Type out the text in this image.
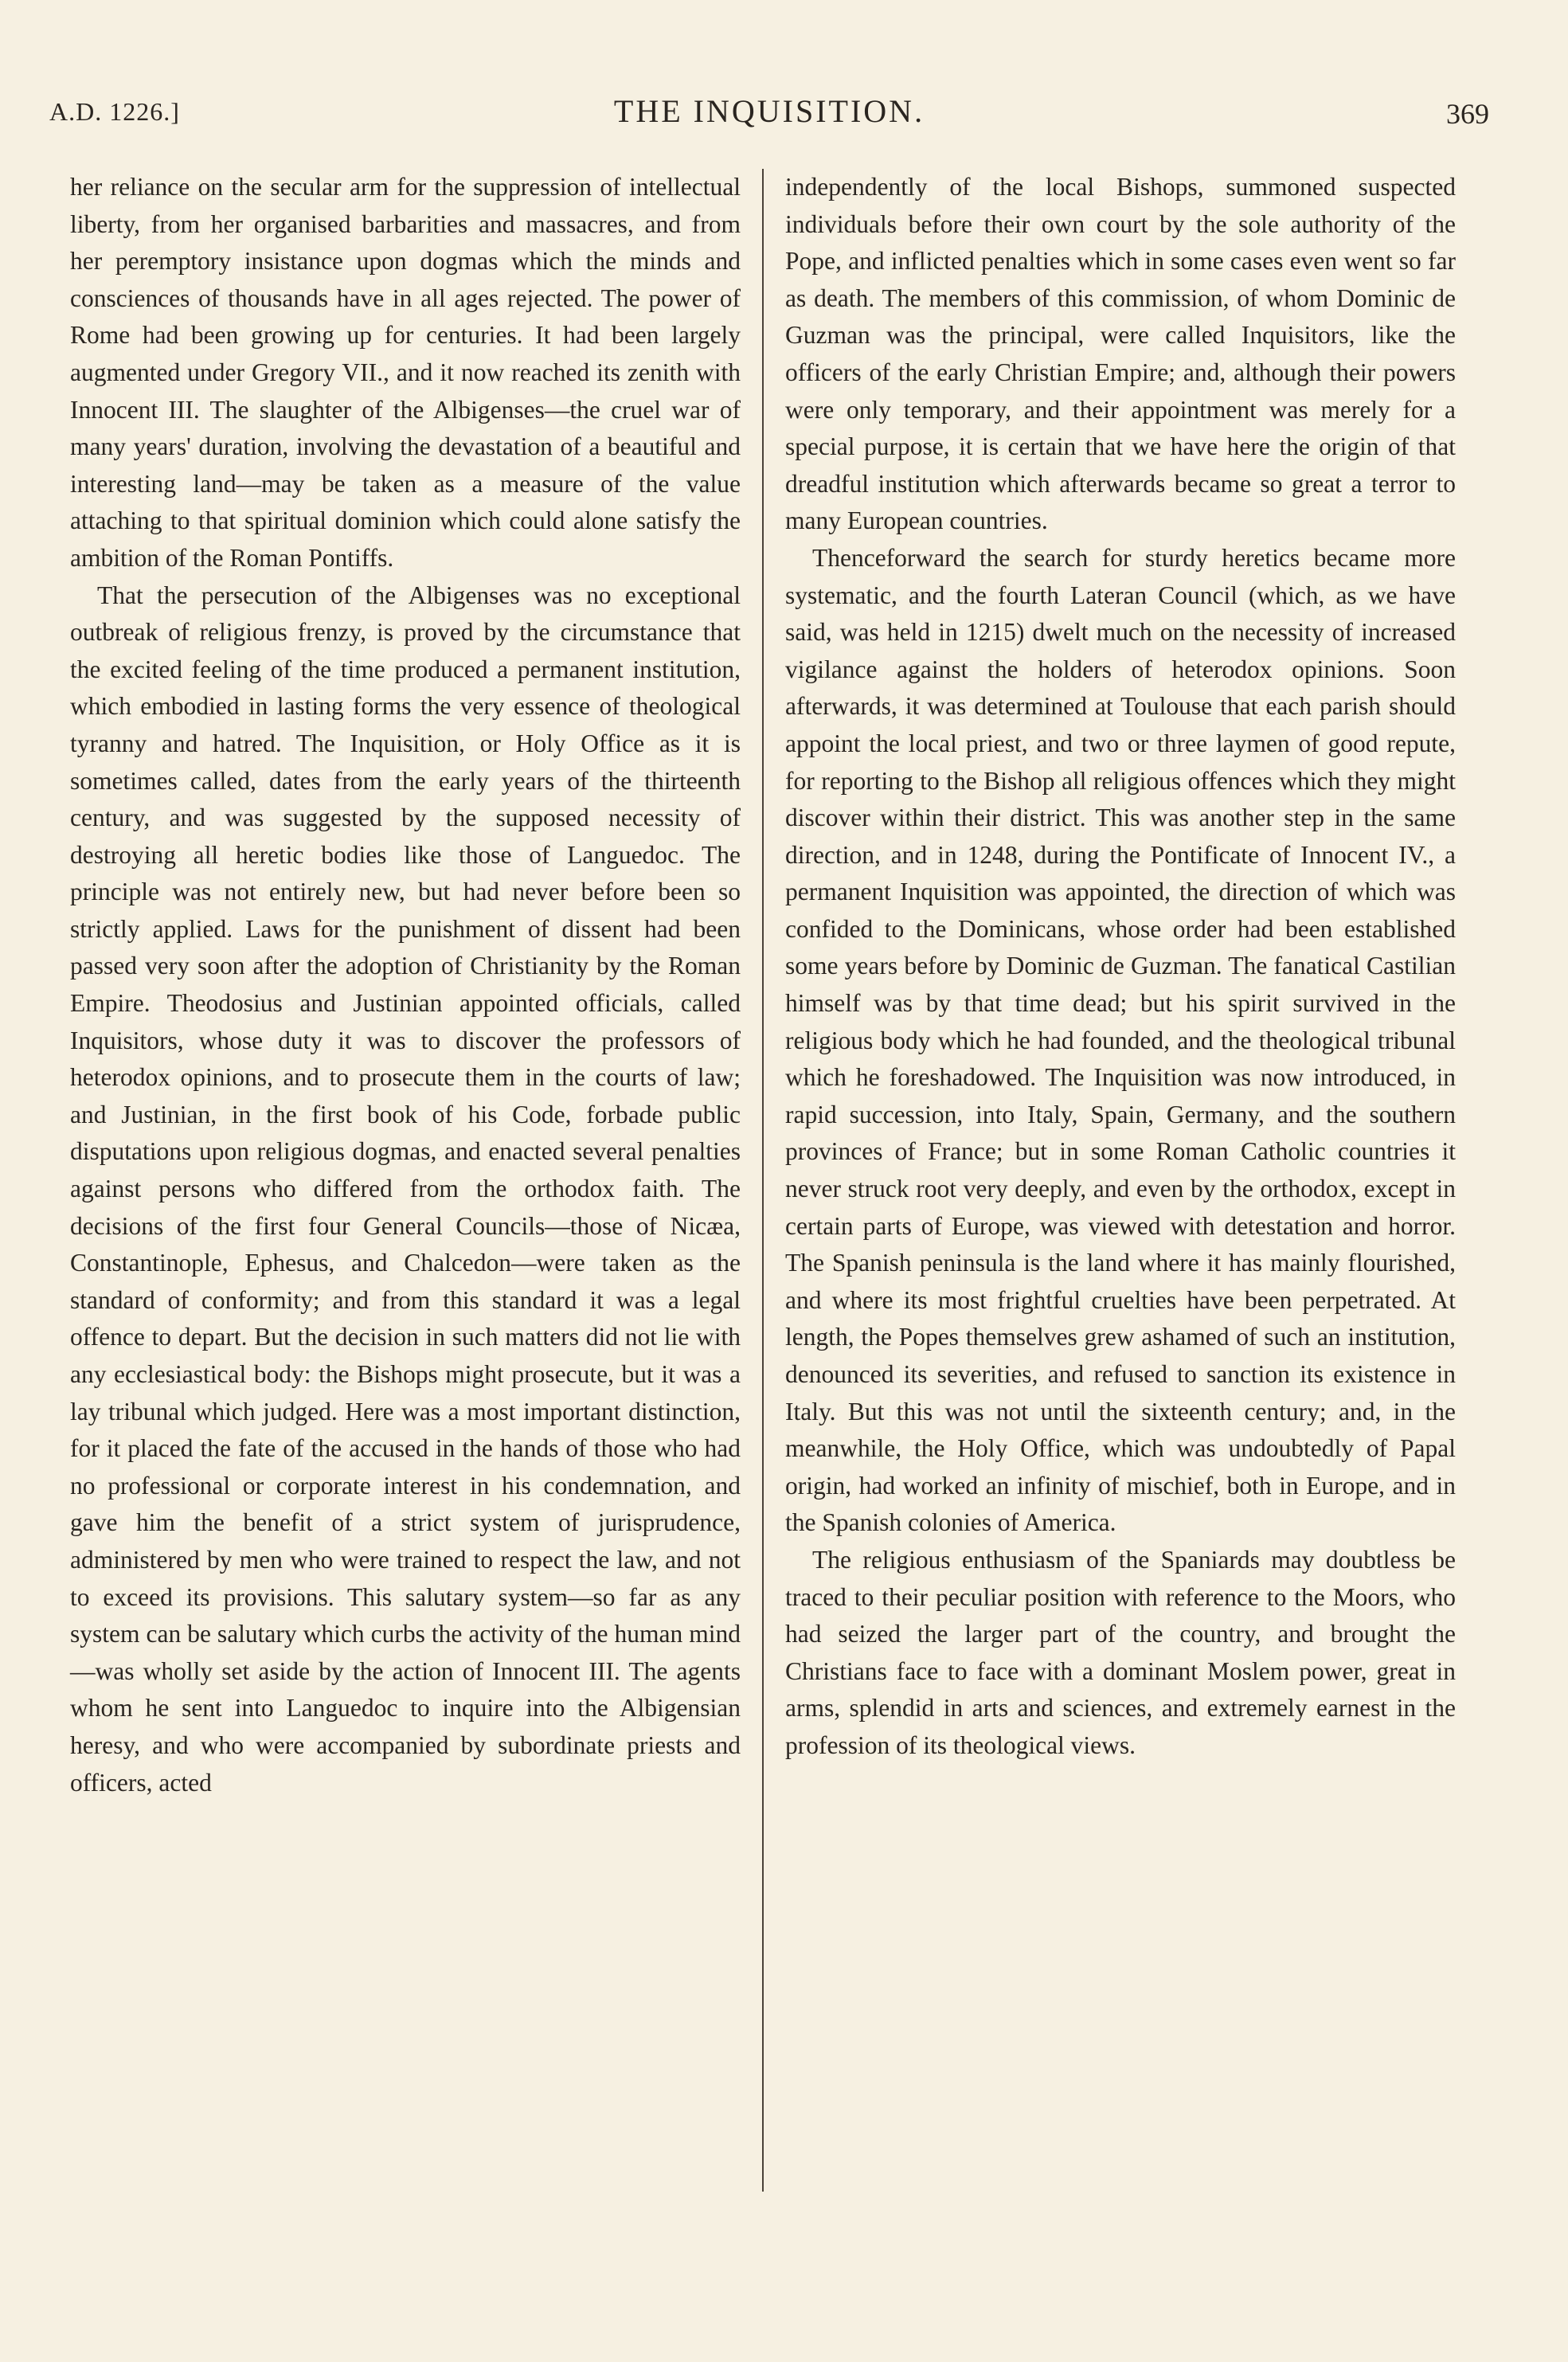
A.D. 1226.]	THE INQUISITION.	369

her reliance on the secular arm for the suppression of intellectual liberty, from her organised barbarities and massacres, and from her peremptory insistance upon dogmas which the minds and consciences of thousands have in all ages rejected. The power of Rome had been growing up for centuries. It had been largely augmented under Gregory VII., and it now reached its zenith with Innocent III. The slaughter of the Albigenses—the cruel war of many years' duration, involving the devastation of a beautiful and interesting land—may be taken as a measure of the value attaching to that spiritual dominion which could alone satisfy the ambition of the Roman Pontiffs.

That the persecution of the Albigenses was no exceptional outbreak of religious frenzy, is proved by the circumstance that the excited feeling of the time produced a permanent institution, which embodied in lasting forms the very essence of theological tyranny and hatred. The Inquisition, or Holy Office as it is sometimes called, dates from the early years of the thirteenth century, and was suggested by the supposed necessity of destroying all heretic bodies like those of Languedoc. The principle was not entirely new, but had never before been so strictly applied. Laws for the punishment of dissent had been passed very soon after the adoption of Christianity by the Roman Empire. Theodosius and Justinian appointed officials, called Inquisitors, whose duty it was to discover the professors of heterodox opinions, and to prosecute them in the courts of law; and Justinian, in the first book of his Code, forbade public disputations upon religious dogmas, and enacted several penalties against persons who differed from the orthodox faith. The decisions of the first four General Councils—those of Nicæa, Constantinople, Ephesus, and Chalcedon—were taken as the standard of conformity; and from this standard it was a legal offence to depart. But the decision in such matters did not lie with any ecclesiastical body: the Bishops might prosecute, but it was a lay tribunal which judged. Here was a most important distinction, for it placed the fate of the accused in the hands of those who had no professional or corporate interest in his condemnation, and gave him the benefit of a strict system of jurisprudence, administered by men who were trained to respect the law, and not to exceed its provisions. This salutary system—so far as any system can be salutary which curbs the activity of the human mind—was wholly set aside by the action of Innocent III. The agents whom he sent into Languedoc to inquire into the Albigensian heresy, and who were accompanied by subordinate priests and officers, acted

independently of the local Bishops, summoned suspected individuals before their own court by the sole authority of the Pope, and inflicted penalties which in some cases even went so far as death. The members of this commission, of whom Dominic de Guzman was the principal, were called Inquisitors, like the officers of the early Christian Empire; and, although their powers were only temporary, and their appointment was merely for a special purpose, it is certain that we have here the origin of that dreadful institution which afterwards became so great a terror to many European countries.

Thenceforward the search for sturdy heretics became more systematic, and the fourth Lateran Council (which, as we have said, was held in 1215) dwelt much on the necessity of increased vigilance against the holders of heterodox opinions. Soon afterwards, it was determined at Toulouse that each parish should appoint the local priest, and two or three laymen of good repute, for reporting to the Bishop all religious offences which they might discover within their district. This was another step in the same direction, and in 1248, during the Pontificate of Innocent IV., a permanent Inquisition was appointed, the direction of which was confided to the Dominicans, whose order had been established some years before by Dominic de Guzman. The fanatical Castilian himself was by that time dead; but his spirit survived in the religious body which he had founded, and the theological tribunal which he foreshadowed. The Inquisition was now introduced, in rapid succession, into Italy, Spain, Germany, and the southern provinces of France; but in some Roman Catholic countries it never struck root very deeply, and even by the orthodox, except in certain parts of Europe, was viewed with detestation and horror. The Spanish peninsula is the land where it has mainly flourished, and where its most frightful cruelties have been perpetrated. At length, the Popes themselves grew ashamed of such an institution, denounced its severities, and refused to sanction its existence in Italy. But this was not until the sixteenth century; and, in the meanwhile, the Holy Office, which was undoubtedly of Papal origin, had worked an infinity of mischief, both in Europe, and in the Spanish colonies of America.

The religious enthusiasm of the Spaniards may doubtless be traced to their peculiar position with reference to the Moors, who had seized the larger part of the country, and brought the Christians face to face with a dominant Moslem power, great in arms, splendid in arts and sciences, and extremely earnest in the profession of its theological views.
